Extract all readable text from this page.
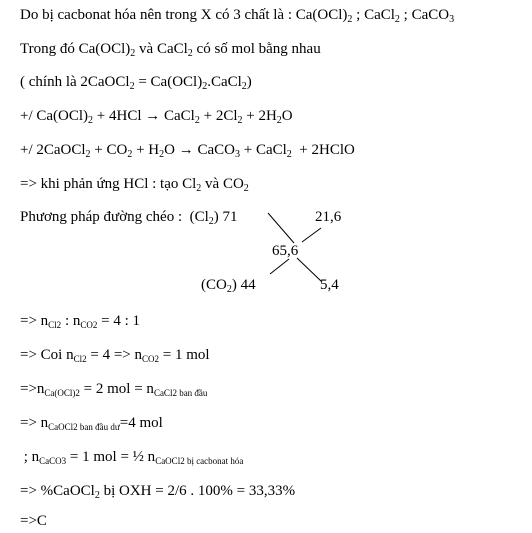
Do bị cacbonat hóa nên trong X có 3 chất là : $Ca(OCl)_2$ ; CaCl$_2$ ; CaCO$_3$
Trong đó $Ca(OCl)_2$ và CaCl$_2$ có số mol bằng nhau
( chính là 2CaOCl$_2$ = $Ca(OCl)_2.CaCl_2$)
+/ $Ca(OCl)_2 + 4HCl$ → CaCl$_2$ + $2Cl_2 + 2H_2O$
+/ 2CaOCl$_2$ + $CO_2 + H_2O$ → CaCO$_3$ + CaCl$_2$  + 2HClO
=> khi phản ứng HCl : tạo $Cl_2$ và $CO_2$
Phương pháp đường chéo :  $(Cl_2)$ 71	21,6
65,6
$(CO_2)$ 44	5,4
=> $n_{Cl2}$ : $n_{CO2} = 4$ : 1
=> Coi $n_{Cl2} = 4 => n_{CO2} = 1$ mol
$=>n_{Ca(OCl)2} = 2$ mol = $n_{CaCl2 ban đầu}$
=> $n_{CaOCl2 ban đầu dư}=4$ mol
; $n_{CaCO3} = 1$ mol = ½ $n_{CaOCl2 bị cacbonat hóa}$
=> %CaOCl$_2$ bị OXH = 2/6 . 100% = 33,33%
=>C
